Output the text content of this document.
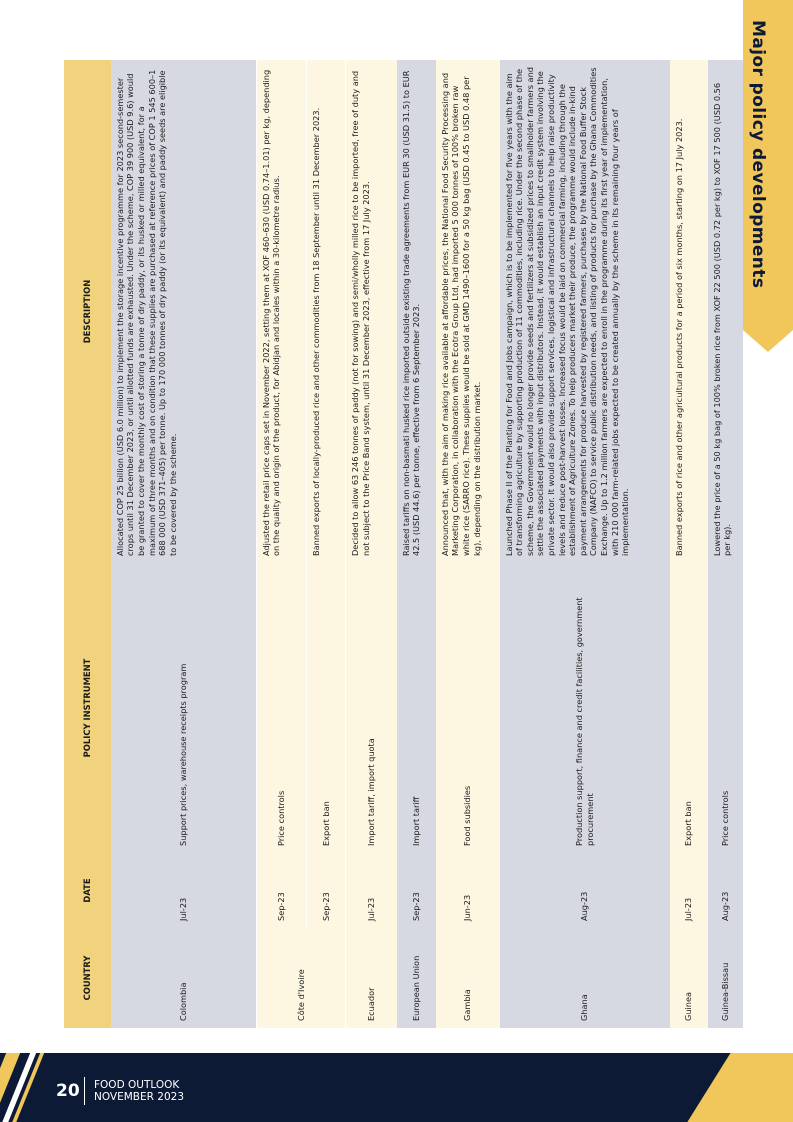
Major policy developments
COUNTRY	DATE	POLICY INSTRUMENT	DESCRIPTION
Colombia	Jul-23	Support prices, warehouse receipts program	Allocated COP 25 billion (USD 6.0 million) to implement the storage incentive programme for 2023 second-semester crops until 31 December 2023, or until allotted funds are exhausted. Under the scheme, COP 39 900 (USD 9.6) would be granted to cover the monthly cost of storing a tonne of dry paddy, or its husked or milled equivalent, for a maximum of three months and on condition that these supplies are purchased at reference prices of COP 1 545 600–1 688 000 (USD 371–405) per tonne. Up to 170 000 tonnes of dry paddy (or its equivalent) and paddy seeds are eligible to be covered by the scheme.
Côte d'Ivoire	Sep-23	Price controls	Adjusted the retail price caps set in November 2022, setting them at XOF 460–630 (USD 0.74–1.01) per kg, depending on the quality and origin of the product, for Abidjan and locales within a 30-kilometre radius.
	Sep-23	Export ban	Banned exports of locally-produced rice and other commodities from 18 September until 31 December 2023.
Ecuador	Jul-23	Import tariff, import quota	Decided to allow 63 246 tonnes of paddy (not for sowing) and semi/wholly milled rice to be imported, free of duty and not subject to the Price Band system, until 31 December 2023, effective from 17 July 2023.
European Union	Sep-23	Import tariff	Raised tariffs on non-basmati husked rice imported outside existing trade agreements from EUR 30 (USD 31.5) to EUR 42.5 (USD 44.6) per tonne, effective from 6 September 2023.
Gambia	Jun-23	Food subsidies	Announced that, with the aim of making rice available at affordable prices, the National Food Security Processing and Marketing Corporation, in collaboration with the Ecotra Group Ltd, had imported 5 000 tonnes of 100% broken raw white rice (SARRO rice). These supplies would be sold at GMD 1490–1600 for a 50 kg bag (USD 0.45 to USD 0.48 per kg), depending on the distribution market.
Ghana	Aug-23	Production support, finance and credit facilities, government procurement	Launched Phase II of the Planting for Food and Jobs campaign, which is to be implemented for five years with the aim of transforming agriculture by supporting production of 11 commodities, including rice. Under the second phase of the scheme, the Government would no longer provide seeds and fertilizers at subsidized prices to smallholder farmers and settle the associated payments with input distributors. Instead, it would establish an input credit system involving the private sector. It would also provide support services, logistical and infrastructural channels to help raise productivity levels and reduce post-harvest losses. Increased focus would be laid on commercial farming, including through the establishment of Agriculture Zones. To help producers market their produce, the programme would include in-kind payment arrangements for produce harvested by registered farmers, purchases by the National Food Buffer Stock Company (NAFCO) to service public distribution needs, and listing of products for purchase by the Ghana Commodities Exchange. Up to 1.2 million farmers are expected to enroll in the programme during its first year of implementation, with 210 000 farm-related jobs expected to be created annually by the scheme in its remaining four years of implementation.
Guinea	Jul-23	Export ban	Banned exports of rice and other agricultural products for a period of six months, starting on 17 July 2023.
Guinea-Bissau	Aug-23	Price controls	Lowered the price of a 50 kg bag of 100% broken rice from XOF 22 500 (USD 0.72 per kg) to XOF 17 500 (USD 0.56 per kg).
20 FOOD OUTLOOK
NOVEMBER 2023
